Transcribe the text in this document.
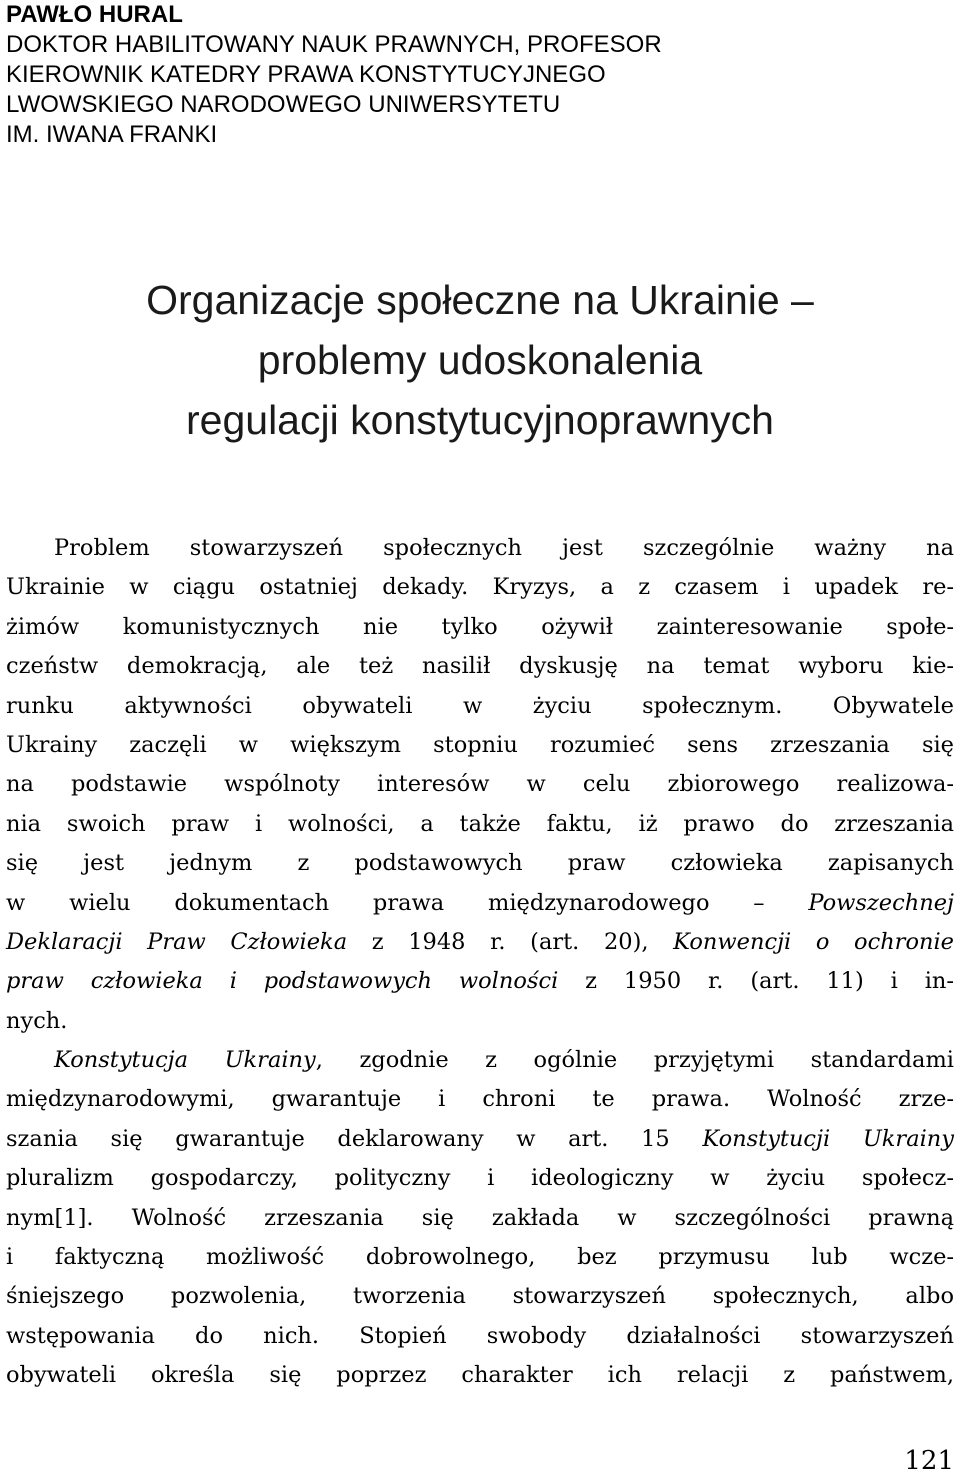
PAWŁO HURAL
DOKTOR HABILITOWANY NAUK PRAWNYCH, PROFESOR
KIEROWNIK KATEDRY PRAWA KONSTYTUCYJNEGO
LWOWSKIEGO NARODOWEGO UNIWERSYTETU
IM. IWANA FRANKI
Organizacje społeczne na Ukrainie –
problemy udoskonalenia
regulacji konstytucyjnoprawnych
Problem stowarzyszeń społecznych jest szczególnie ważny na
Ukrainie w ciągu ostatniej dekady. Kryzys, a z czasem i upadek re-
żimów komunistycznych nie tylko ożywił zainteresowanie społe-
czeństw demokracją, ale też nasilił dyskusję na temat wyboru kie-
runku aktywności obywateli w życiu społecznym. Obywatele
Ukrainy zaczęli w większym stopniu rozumieć sens zrzeszania się
na podstawie wspólnoty interesów w celu zbiorowego realizowa-
nia swoich praw i wolności, a także faktu, iż prawo do zrzeszania
się jest jednym z podstawowych praw człowieka zapisanych
w wielu dokumentach prawa międzynarodowego – Powszechnej
Deklaracji Praw Człowieka z 1948 r. (art. 20), Konwencji o ochronie
praw człowieka i podstawowych wolności z 1950 r. (art. 11) i in-
nych.
Konstytucja Ukrainy, zgodnie z ogólnie przyjętymi standardami
międzynarodowymi, gwarantuje i chroni te prawa. Wolność zrze-
szania się gwarantuje deklarowany w art. 15 Konstytucji Ukrainy
pluralizm gospodarczy, polityczny i ideologiczny w życiu społecz-
nym[1]. Wolność zrzeszania się zakłada w szczególności prawną
i faktyczną możliwość dobrowolnego, bez przymusu lub wcze-
śniejszego pozwolenia, tworzenia stowarzyszeń społecznych, albo
wstępowania do nich. Stopień swobody działalności stowarzyszeń
obywateli określa się poprzez charakter ich relacji z państwem,
121
